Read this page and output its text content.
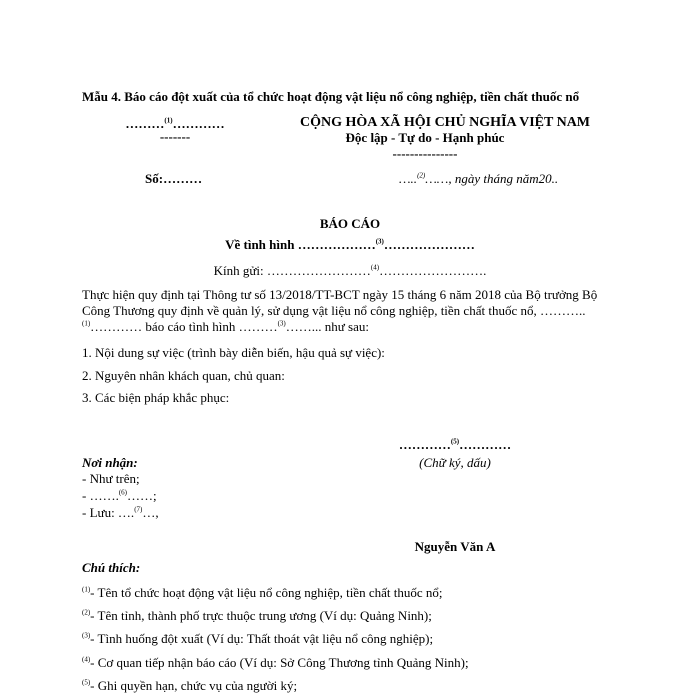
Mẫu 4. Báo cáo đột xuất của tổ chức hoạt động vật liệu nổ công nghiệp, tiền chất thuốc nổ
………$^{(1)}$…………
-------
Số:………
CỘNG HÒA XÃ HỘI CHỦ NGHĨA VIỆT NAM
Độc lập - Tự do - Hạnh phúc
---------------
…..$^{(2)}$……, ngày tháng năm20..
BÁO CÁO
Về tình hình ………………$^{(3)}$…………………
Kính gửi: ……………………$^{(4)}$…………………….
Thực hiện quy định tại Thông tư số 13/2018/TT-BCT ngày 15 tháng 6 năm 2018 của Bộ trưởng Bộ Công Thương quy định về quản lý, sử dụng vật liệu nổ công nghiệp, tiền chất thuốc nổ, ………..$^{(1)}$………… báo cáo tình hình ………$^{(3)}$……... như sau:
1. Nội dung sự việc (trình bày diễn biến, hậu quả sự việc):
2. Nguyên nhân khách quan, chủ quan:
3. Các biện pháp khắc phục:
…………$^{(5)}$…………
(Chữ ký, dấu)
Nguyễn Văn A
Nơi nhận:
- Như trên;
- …….$^{(6)}$……;
- Lưu: ….$^{(7)}$…,
Chú thích:
$^{(1)}$- Tên tổ chức hoạt động vật liệu nổ công nghiệp, tiền chất thuốc nổ;
$^{(2)}$- Tên tỉnh, thành phố trực thuộc trung ương (Ví dụ: Quảng Ninh);
$^{(3)}$- Tình huống đột xuất (Ví dụ: Thất thoát vật liệu nổ công nghiệp);
$^{(4)}$- Cơ quan tiếp nhận báo cáo (Ví dụ: Sở Công Thương tỉnh Quảng Ninh);
$^{(5)}$- Ghi quyền hạn, chức vụ của người ký;
